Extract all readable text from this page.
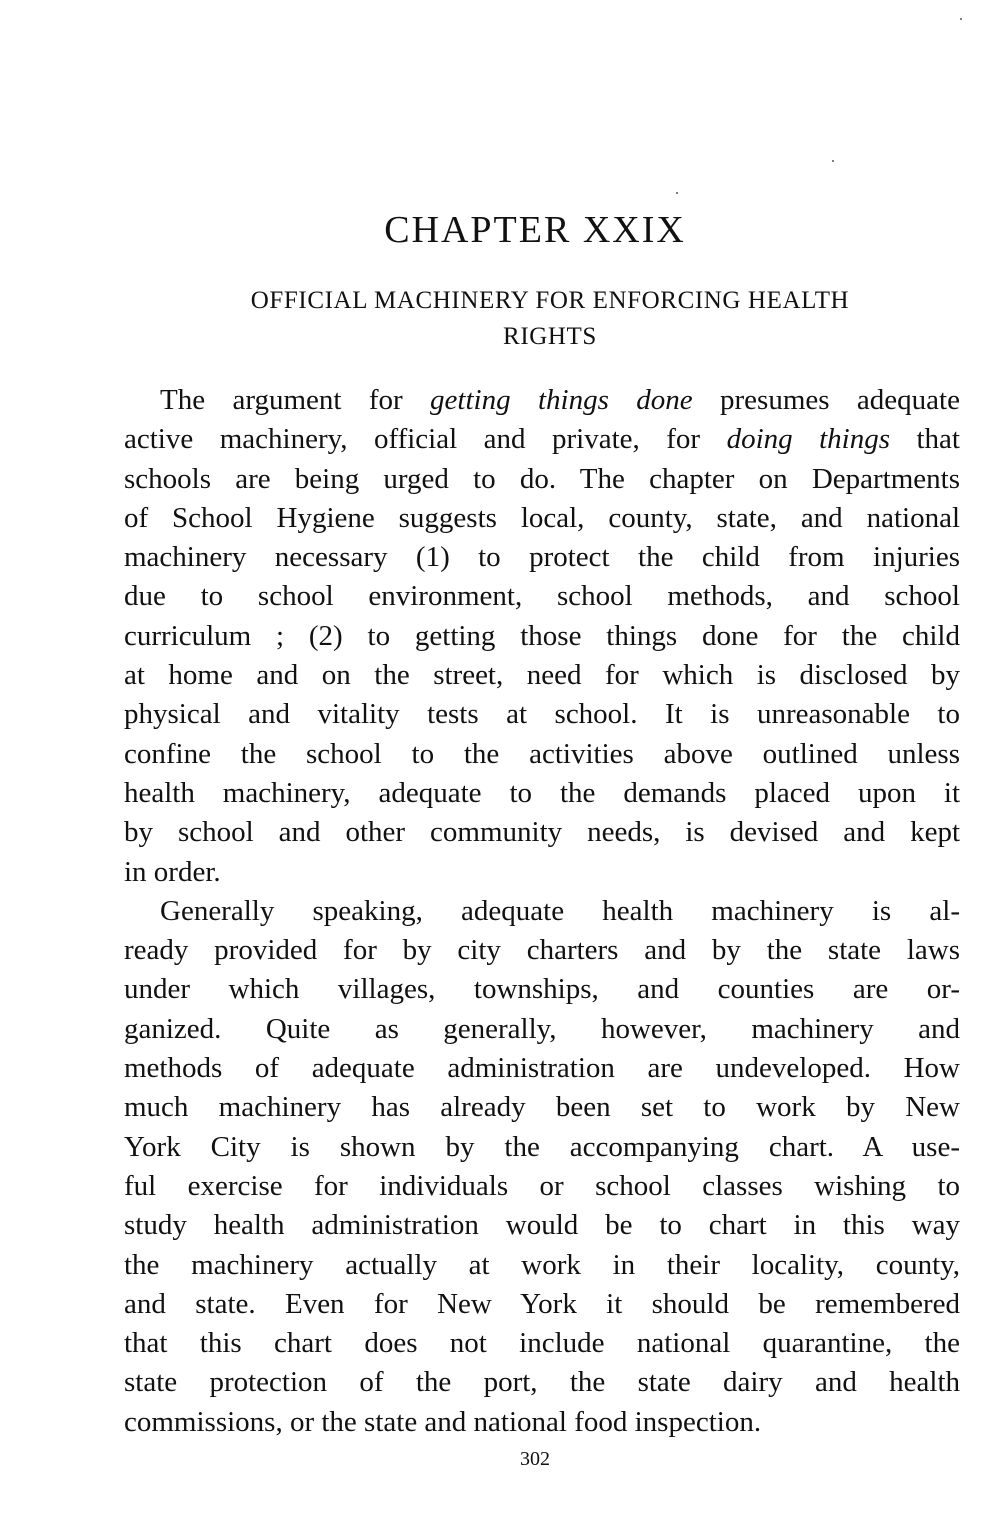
CHAPTER XXIX
OFFICIAL MACHINERY FOR ENFORCING HEALTH
RIGHTS
The argument for getting things done presumes adequate
active machinery, official and private, for doing things that
schools are being urged to do. The chapter on Departments
of School Hygiene suggests local, county, state, and national
machinery necessary (1) to protect the child from injuries
due to school environment, school methods, and school
curriculum ; (2) to getting those things done for the child
at home and on the street, need for which is disclosed by
physical and vitality tests at school. It is unreasonable to
confine the school to the activities above outlined unless
health machinery, adequate to the demands placed upon it
by school and other community needs, is devised and kept
in order.
Generally speaking, adequate health machinery is al-
ready provided for by city charters and by the state laws
under which villages, townships, and counties are or-
ganized. Quite as generally, however, machinery and
methods of adequate administration are undeveloped. How
much machinery has already been set to work by New
York City is shown by the accompanying chart. A use-
ful exercise for individuals or school classes wishing to
study health administration would be to chart in this way
the machinery actually at work in their locality, county,
and state. Even for New York it should be remembered
that this chart does not include national quarantine, the
state protection of the port, the state dairy and health
commissions, or the state and national food inspection.
302
